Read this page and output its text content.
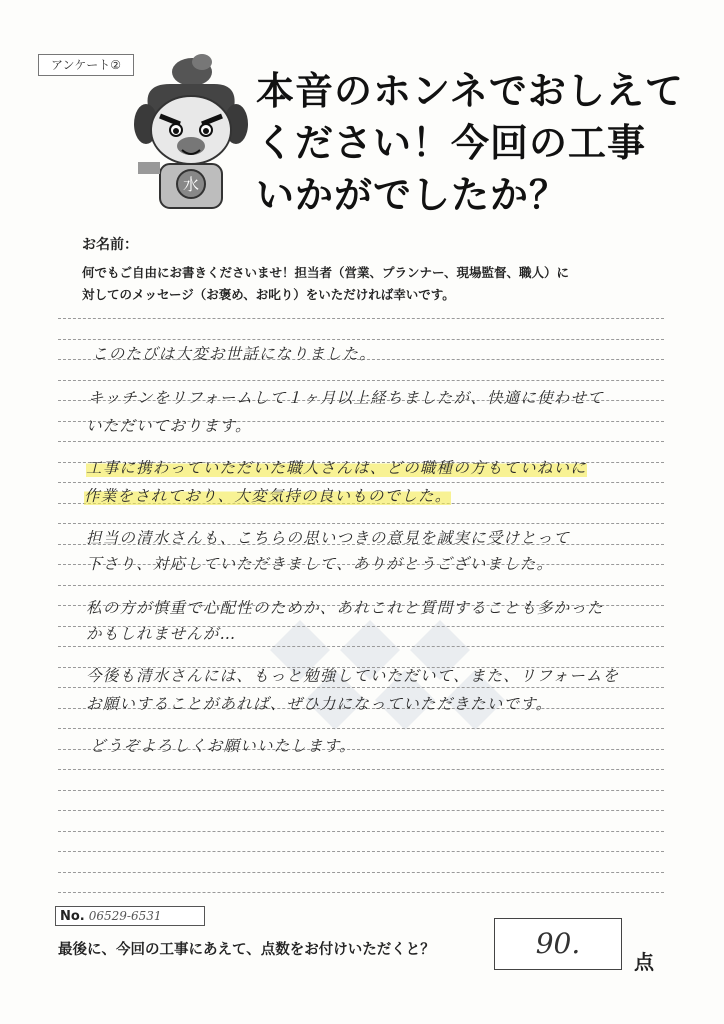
アンケート②
水
本音のホンネでおしえて
ください！今回の工事
いかがでしたか？
お名前：
何でもご自由にお書きくださいませ！担当者（営業、プランナー、現場監督、職人）に
対してのメッセージ（お褒め、お叱り）をいただければ幸いです。
このたびは大変お世話になりました。
キッチンをリフォームして１ヶ月以上経ちましたが、快適に使わせて
いただいております。
工事に携わっていただいた職人さんは、どの職種の方もていねいに
作業をされており、大変気持の良いものでした。
担当の清水さんも、こちらの思いつきの意見を誠実に受けとって
下さり、対応していただきまして、ありがとうございました。
私の方が慎重で心配性のためか、あれこれと質問することも多かった
かもしれませんが…
今後も清水さんには、もっと勉強していただいて、また、リフォームを
お願いすることがあれば、ぜひ力になっていただきたいです。
どうぞよろしくお願いいたします。
No. 06529-6531
最後に、今回の工事にあえて、点数をお付けいただくと？	90.
点
